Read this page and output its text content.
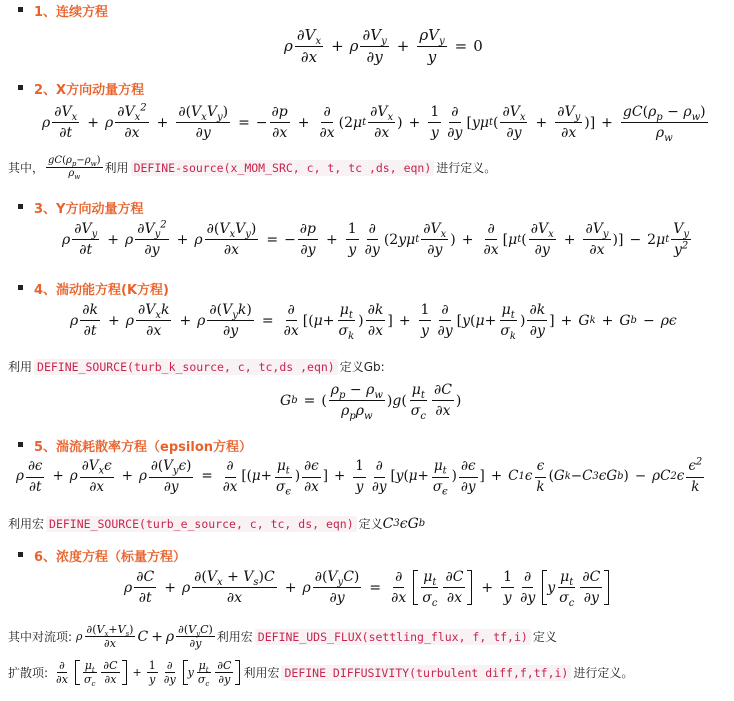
1、连续方程
ρ
$\partial V_x$
∂x
+ ρ
$\partial V_y$
∂y
+
$\rho V_y$
y
= 0
2、X方向动量方程
ρ
$\partial V_x$
∂t
+ ρ
$\partial V_x^2$
∂x
+
$\partial(V_xV_y)$
∂y
= − $\frac{\partial p}{\partial x}$ +
∂
∂x
(2 μ t
$\partial V_x$
∂x
) + $\frac{1}{y}$ ∂
∂y
[ yμ t (
$\partial V_x$
∂y
+ $\frac{\partial V_y}{\partial x}$ )] + $\frac{gC(\rho_p - \rho_w)}{\rho_w}$
其中，
$gC(\rho_p-\rho_w)$
$\rho_w$
利用 DEFINE-source(x_MOM_SRC, c, t, tc ,ds, eqn) 进行定义。
3、Y方向动量方程
ρ
$\partial V_y$
∂t
+ ρ
$\partial V_y^2$
∂y
+ ρ
$\partial(V_xV_y)$
∂x
= − $\frac{\partial p}{\partial y} + \frac{1}{y}$ ∂
∂y
(2 yμ t
$\partial V_x$
∂y
) +
∂
∂x
[ μ t (
$\partial V_x$
∂y
+ $\frac{\partial V_y}{\partial x}$ )] − 2 μ t
$V_y$
$y^2$
4、湍动能方程(K方程)
ρ
∂k
∂t
+ ρ
$\partial V_xk$
∂x
+ ρ
$\partial(V_yk)$
∂y
=
∂
∂x
[( μ +
$\mu_t$
$\sigma_k$
)
∂k
∂x
] + $\frac{1}{y}$ ∂
∂y
[ y ( μ +
$\mu_t$
$\sigma_k$
)
∂k
∂y
] + G k + G b − ρϵ
利用 DEFINE_SOURCE(turb_k_source, c, tc,ds ,eqn) 定义Gb:
G b = (
$\rho_p - \rho_w$
$\rho_p\rho_w$
) g (
$\mu_t$
$\sigma_c$
∂C
∂x
)
5、湍流耗散率方程（epsilon方程）
ρ
∂ϵ
∂t
+ ρ
$\partial V_x\epsilon$
∂x
+ ρ
$\partial(V_y\epsilon)$
∂y
=
∂
∂x
[( μ +
$\mu_t$
$\sigma_\epsilon$
)
∂ϵ
∂x
] + $\frac{1}{y}$ ∂
∂y
[ y ( μ +
$\mu_t$
$\sigma_\epsilon$
)
∂ϵ
∂y
] + C 1 ϵ
ϵ
k
( G k − C 3 ϵG b ) − ρC 2 ϵ
$\epsilon^2$
k
利用宏 DEFINE_SOURCE(turb_e_source, c, tc, ds, eqn) 定义 C 3 ϵG b
6、浓度方程（标量方程）
ρ
∂C
∂t
+ ρ
$\partial(V_x + V_s)C$
∂x
+ ρ
$\partial(V_yC)$
∂y
=
∂
∂x
$\mu_t$
$\sigma_c$
∂C
∂x
+ $\frac{1}{y}$ ∂
∂y
y
$\mu_t$
$\sigma_c$
∂C
∂y
其中对流项: ρ
$\partial(V_x+V_s)$
∂x C + ρ $\partial(V_yC)$
∂y 利用宏 DEFINE_UDS_FLUX(settling_flux, f, tf,i) 定义
扩散项:
∂
∂x
$\mu_t$
$\sigma_c$
∂C
∂x
+ $\frac{1}{y}$ ∂
∂y
y
$\mu_t$
$\sigma_c$
∂C
∂y 利用宏 DEFINE DIFFUSIVITY(turbulent diff,f,tf,i) 进行定义。
